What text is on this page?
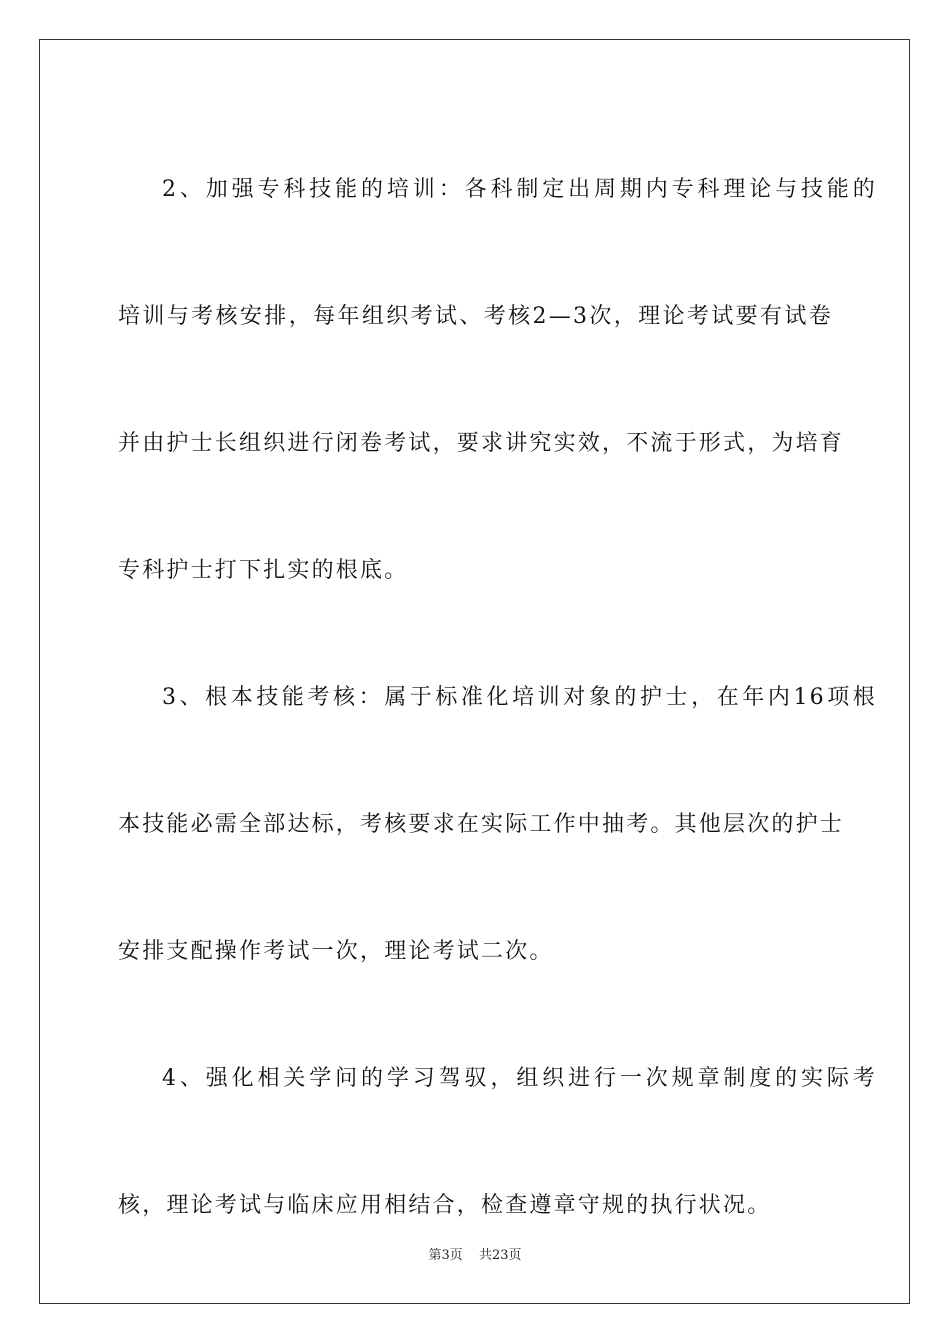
2、加强专科技能的培训：各科制定出周期内专科理论与技能的
培训与考核安排，每年组织考试、考核2—3次，理论考试要有试卷
并由护士长组织进行闭卷考试，要求讲究实效，不流于形式，为培育
专科护士打下扎实的根底。
3、根本技能考核：属于标准化培训对象的护士，在年内16项根
本技能必需全部达标，考核要求在实际工作中抽考。其他层次的护士
安排支配操作考试一次，理论考试二次。
4、强化相关学问的学习驾驭，组织进行一次规章制度的实际考
核，理论考试与临床应用相结合，检查遵章守规的执行状况。
第3页 共23页
